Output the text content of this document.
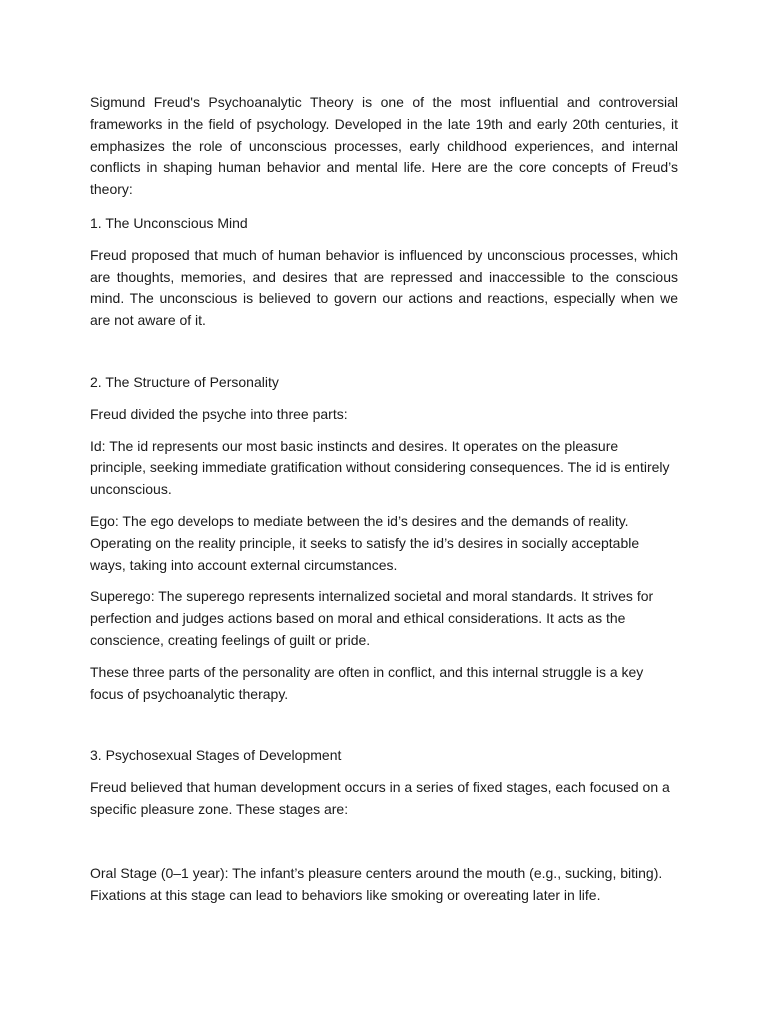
Sigmund Freud's Psychoanalytic Theory is one of the most influential and controversial frameworks in the field of psychology. Developed in the late 19th and early 20th centuries, it emphasizes the role of unconscious processes, early childhood experiences, and internal conflicts in shaping human behavior and mental life. Here are the core concepts of Freud’s theory:

1. The Unconscious Mind

Freud proposed that much of human behavior is influenced by unconscious processes, which are thoughts, memories, and desires that are repressed and inaccessible to the conscious mind. The unconscious is believed to govern our actions and reactions, especially when we are not aware of it.

2. The Structure of Personality

Freud divided the psyche into three parts:

Id: The id represents our most basic instincts and desires. It operates on the pleasure principle, seeking immediate gratification without considering consequences. The id is entirely unconscious.

Ego: The ego develops to mediate between the id’s desires and the demands of reality. Operating on the reality principle, it seeks to satisfy the id’s desires in socially acceptable ways, taking into account external circumstances.

Superego: The superego represents internalized societal and moral standards. It strives for perfection and judges actions based on moral and ethical considerations. It acts as the conscience, creating feelings of guilt or pride.

These three parts of the personality are often in conflict, and this internal struggle is a key focus of psychoanalytic therapy.

3. Psychosexual Stages of Development

Freud believed that human development occurs in a series of fixed stages, each focused on a specific pleasure zone. These stages are:

Oral Stage (0–1 year): The infant’s pleasure centers around the mouth (e.g., sucking, biting). Fixations at this stage can lead to behaviors like smoking or overeating later in life.
